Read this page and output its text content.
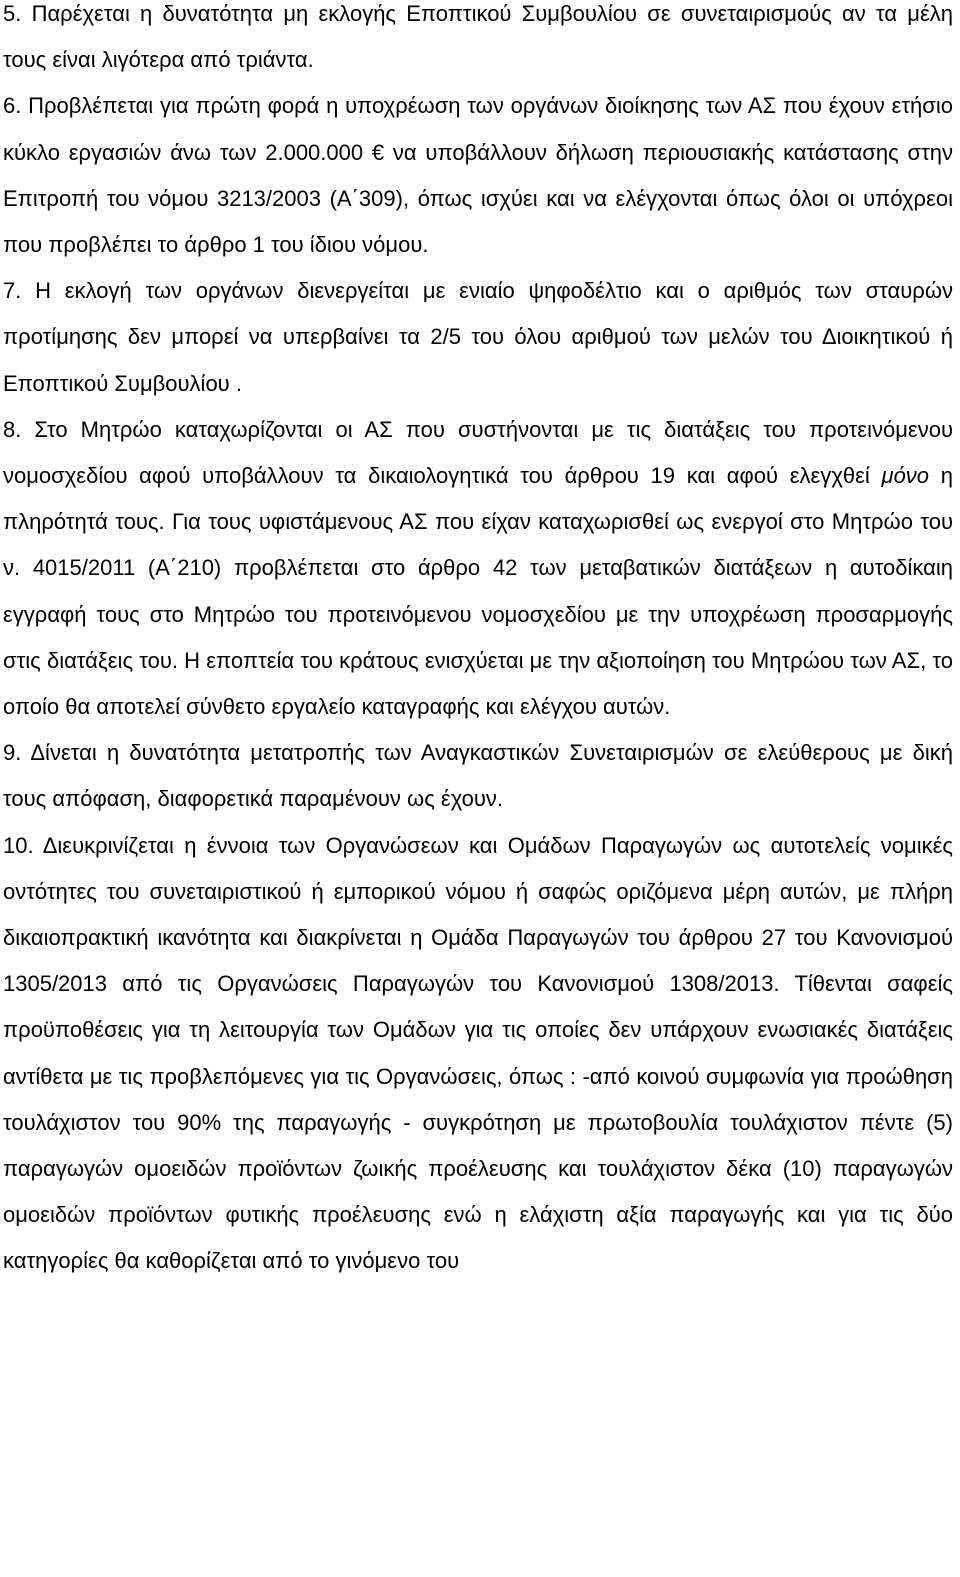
5. Παρέχεται η δυνατότητα μη εκλογής Εποπτικού Συμβουλίου σε συνεταιρισμούς αν τα μέλη τους είναι λιγότερα από τριάντα.

6. Προβλέπεται για πρώτη φορά η υποχρέωση των οργάνων διοίκησης των ΑΣ που έχουν ετήσιο κύκλο εργασιών άνω των 2.000.000 € να υποβάλλουν δήλωση περιουσιακής κατάστασης στην Επιτροπή του νόμου 3213/2003 (Α΄309), όπως ισχύει και να ελέγχονται όπως όλοι οι υπόχρεοι που προβλέπει το άρθρο 1 του ίδιου νόμου.

7. Η εκλογή των οργάνων διενεργείται με ενιαίο ψηφοδέλτιο και ο αριθμός των σταυρών προτίμησης δεν μπορεί να υπερβαίνει τα 2/5 του όλου αριθμού των μελών του Διοικητικού ή Εποπτικού Συμβουλίου .

8. Στο Μητρώο καταχωρίζονται οι ΑΣ που συστήνονται με τις διατάξεις του προτεινόμενου νομοσχεδίου αφού υποβάλλουν τα δικαιολογητικά του άρθρου 19 και αφού ελεγχθεί μόνο η πληρότητά τους. Για τους υφιστάμενους ΑΣ που είχαν καταχωρισθεί ως ενεργοί στο Μητρώο του ν. 4015/2011 (Α΄210) προβλέπεται στο άρθρο 42 των μεταβατικών διατάξεων η αυτοδίκαιη εγγραφή τους στο Μητρώο του προτεινόμενου νομοσχεδίου με την υποχρέωση προσαρμογής στις διατάξεις του. Η εποπτεία του κράτους ενισχύεται με την αξιοποίηση του Μητρώου των ΑΣ, το οποίο θα αποτελεί σύνθετο εργαλείο καταγραφής και ελέγχου αυτών.

9. Δίνεται η δυνατότητα μετατροπής των Αναγκαστικών Συνεταιρισμών σε ελεύθερους με δική τους απόφαση, διαφορετικά παραμένουν ως έχουν.

10. Διευκρινίζεται η έννοια των Οργανώσεων και Ομάδων Παραγωγών ως αυτοτελείς νομικές οντότητες του συνεταιριστικού ή εμπορικού νόμου ή σαφώς οριζόμενα μέρη αυτών, με πλήρη δικαιοπρακτική ικανότητα και διακρίνεται η Ομάδα Παραγωγών του άρθρου 27 του Κανονισμού 1305/2013 από τις Οργανώσεις Παραγωγών του Κανονισμού 1308/2013. Τίθενται σαφείς προϋποθέσεις για τη λειτουργία των Ομάδων για τις οποίες δεν υπάρχουν ενωσιακές διατάξεις αντίθετα με τις προβλεπόμενες για τις Οργανώσεις, όπως : -από κοινού συμφωνία για προώθηση τουλάχιστον του 90% της παραγωγής - συγκρότηση με πρωτοβουλία τουλάχιστον πέντε (5) παραγωγών ομοειδών προϊόντων ζωικής προέλευσης και τουλάχιστον δέκα (10) παραγωγών ομοειδών προϊόντων φυτικής προέλευσης ενώ η ελάχιστη αξία παραγωγής και για τις δύο κατηγορίες θα καθορίζεται από το γινόμενο του
